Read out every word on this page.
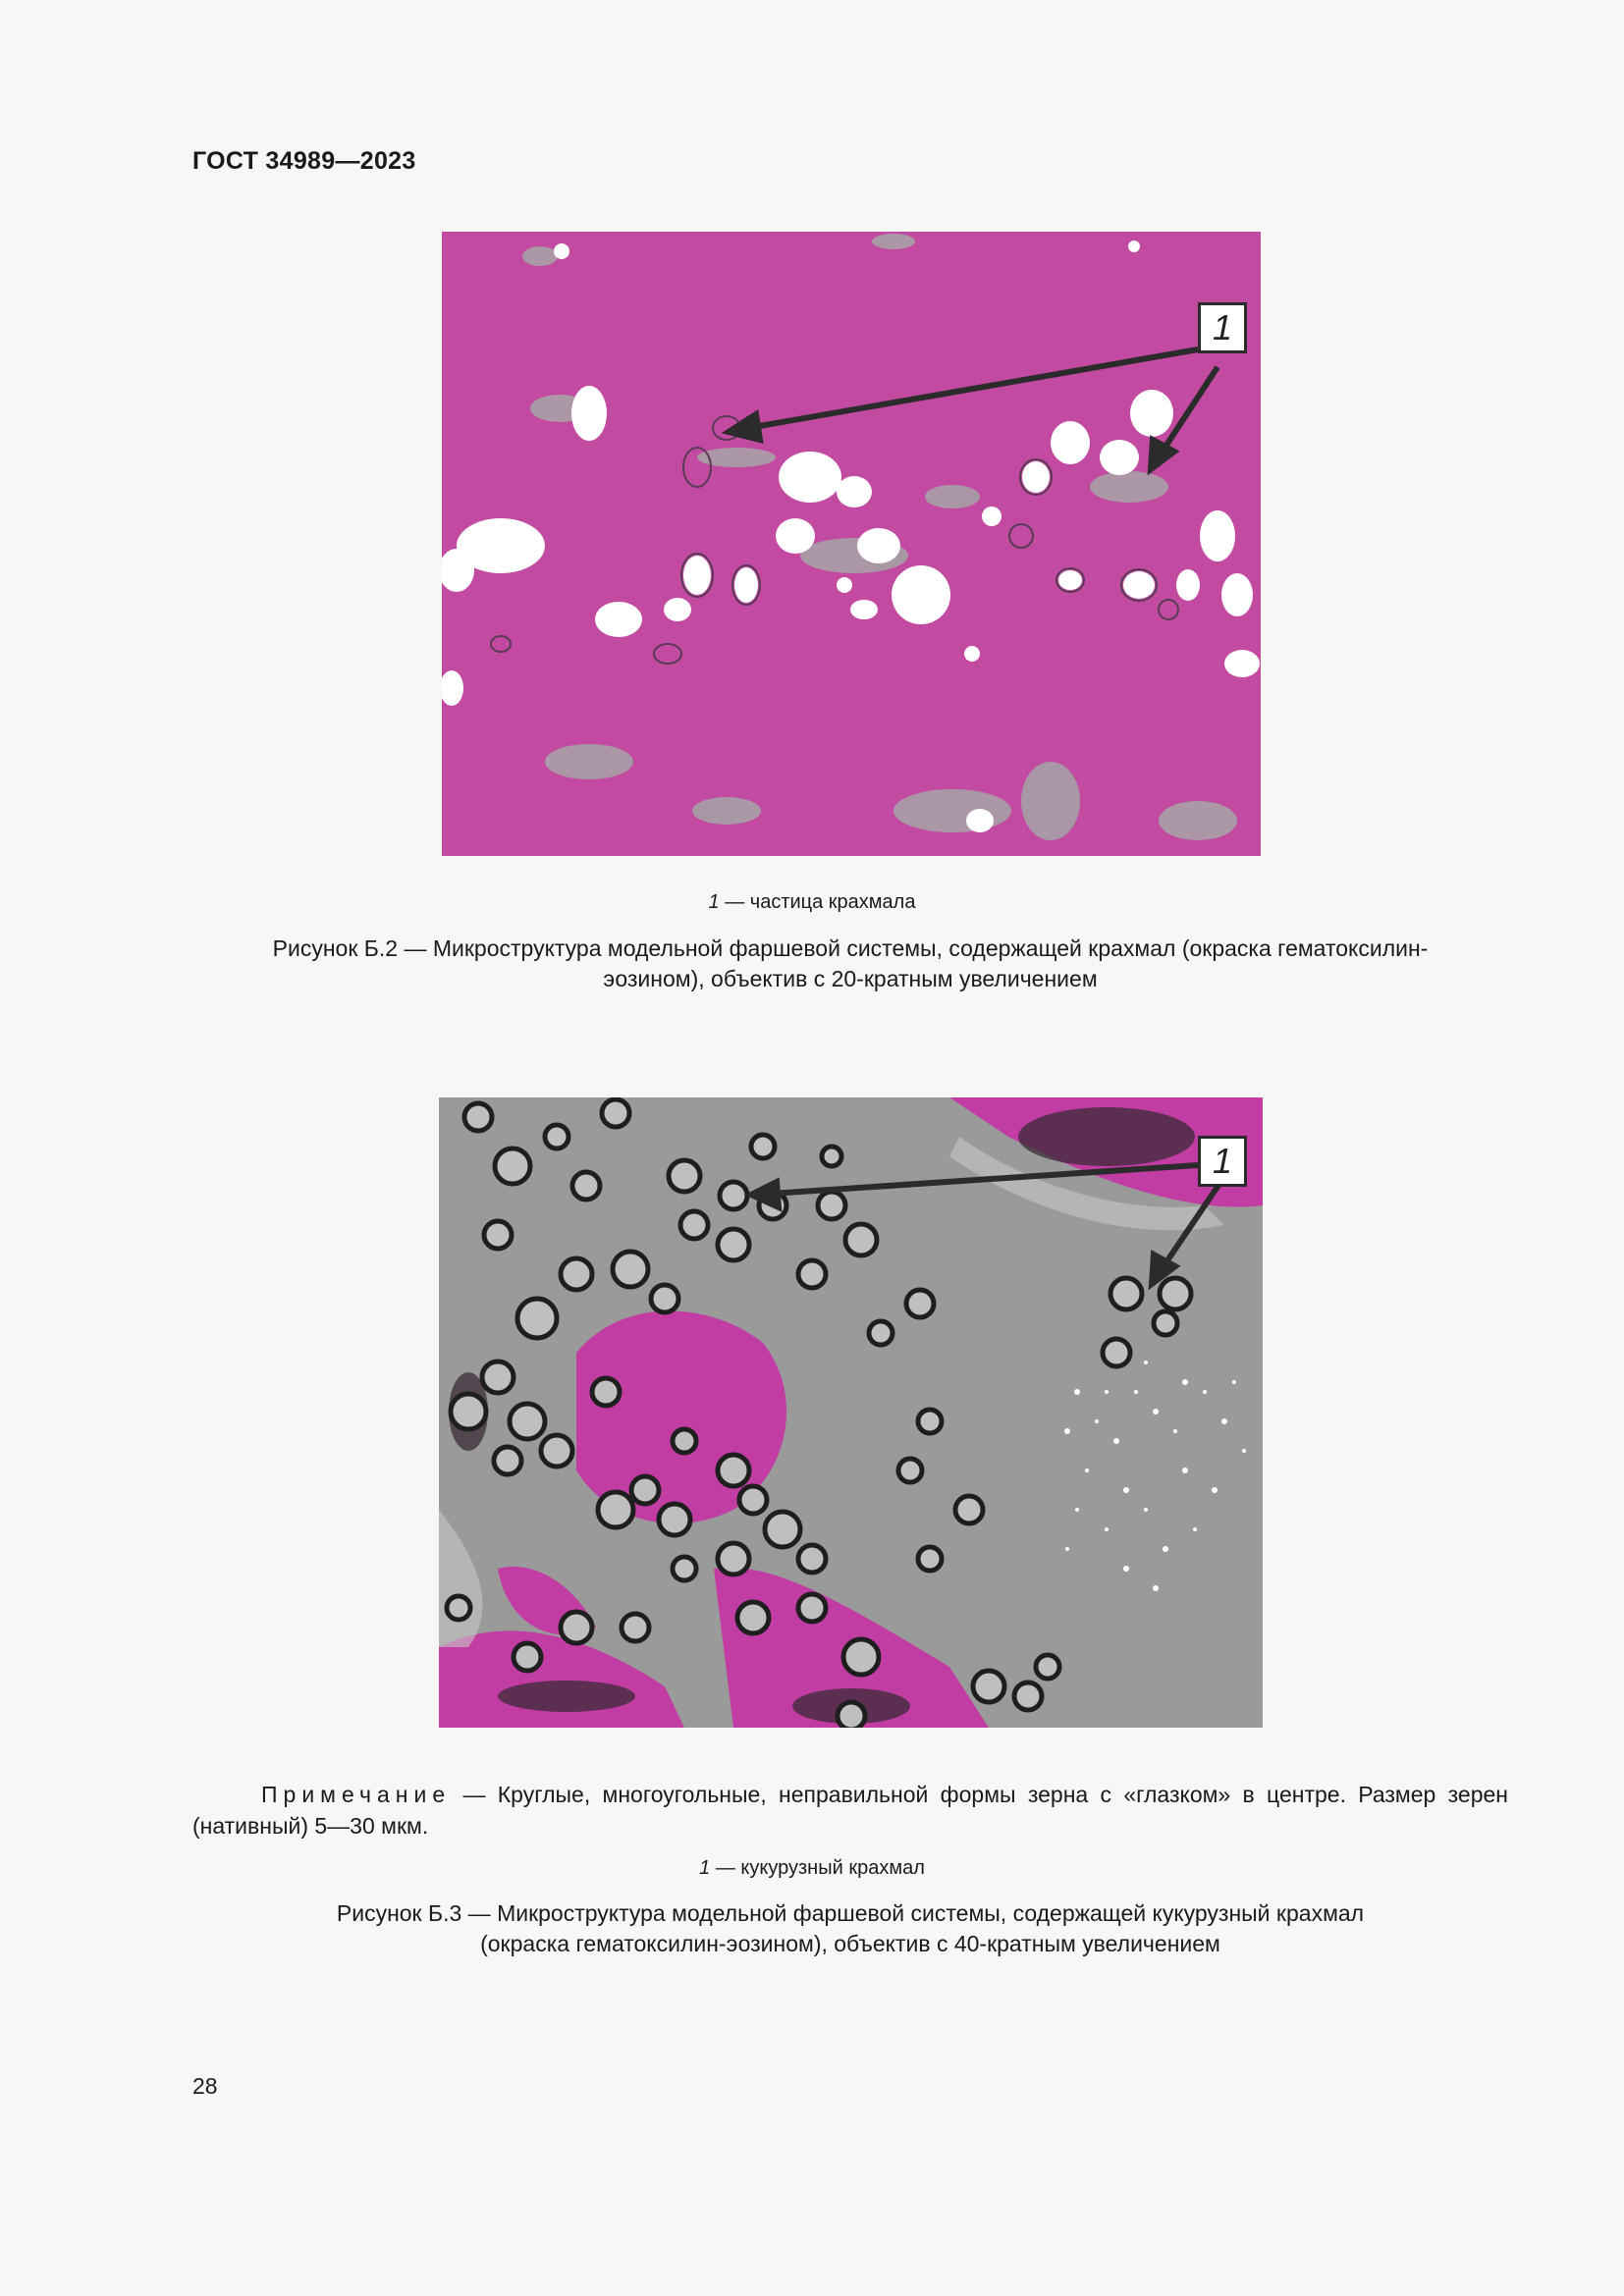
ГОСТ 34989—2023
1
1 — частица крахмала
Рисунок Б.2 — Микроструктура модельной фаршевой системы, содержащей крахмал (окраска гематоксилин-
эозином), объектив с 20-кратным увеличением
1
Примечание — Круглые, многоугольные, неправильной формы зерна с «глазком» в центре. Размер зерен (нативный) 5—30 мкм.
1 — кукурузный крахмал
Рисунок Б.3 — Микроструктура модельной фаршевой системы, содержащей кукурузный крахмал
(окраска гематоксилин-эозином), объектив с 40-кратным увеличением
28
